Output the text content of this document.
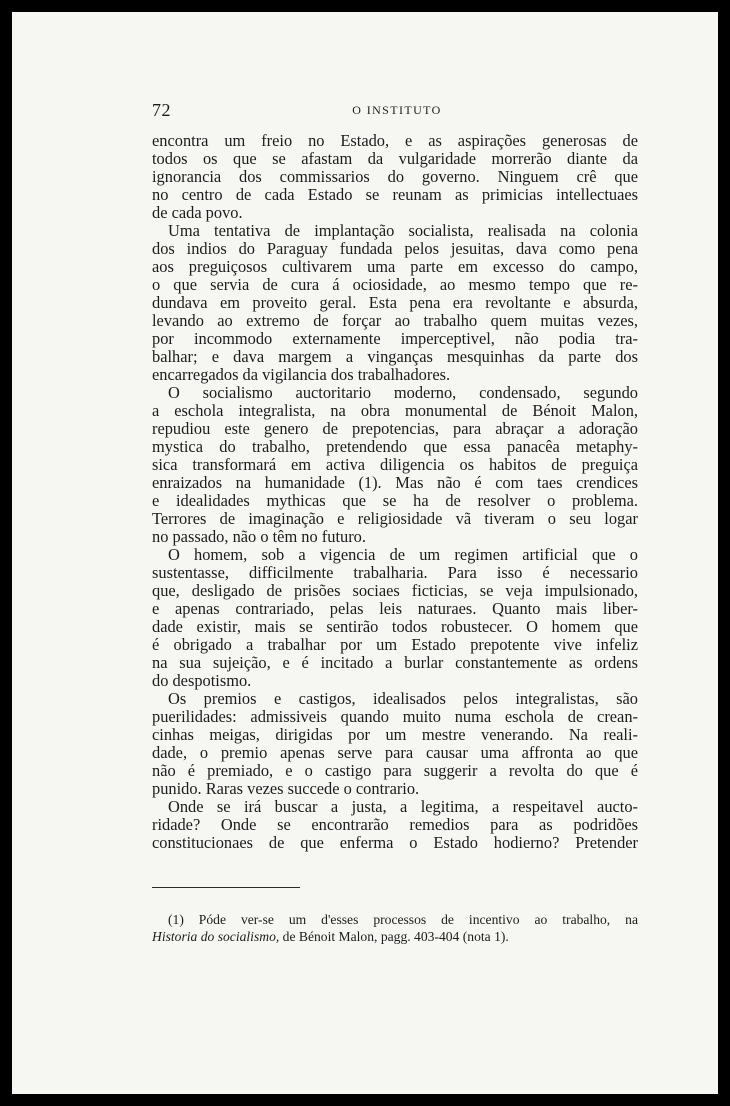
72	O INSTITUTO
encontra um freio no Estado, e as aspirações generosas de
todos os que se afastam da vulgaridade morrerão diante da
ignorancia dos commissarios do governo. Ninguem crê que
no centro de cada Estado se reunam as primicias intellectuaes
de cada povo.
Uma tentativa de implantação socialista, realisada na colonia
dos indios do Paraguay fundada pelos jesuitas, dava como pena
aos preguiçosos cultivarem uma parte em excesso do campo,
o que servia de cura á ociosidade, ao mesmo tempo que re-
dundava em proveito geral. Esta pena era revoltante e absurda,
levando ao extremo de forçar ao trabalho quem muitas vezes,
por incommodo externamente imperceptivel, não podia tra-
balhar; e dava margem a vinganças mesquinhas da parte dos
encarregados da vigilancia dos trabalhadores.
O socialismo auctoritario moderno, condensado, segundo
a eschola integralista, na obra monumental de Bénoit Malon,
repudiou este genero de prepotencias, para abraçar a adoração
mystica do trabalho, pretendendo que essa panacêa metaphy-
sica transformará em activa diligencia os habitos de preguiça
enraizados na humanidade (1). Mas não é com taes crendices
e idealidades mythicas que se ha de resolver o problema.
Terrores de imaginação e religiosidade vã tiveram o seu logar
no passado, não o têm no futuro.
O homem, sob a vigencia de um regimen artificial que o
sustentasse, difficilmente trabalharia. Para isso é necessario
que, desligado de prisões sociaes ficticias, se veja impulsionado,
e apenas contrariado, pelas leis naturaes. Quanto mais liber-
dade existir, mais se sentirão todos robustecer. O homem que
é obrigado a trabalhar por um Estado prepotente vive infeliz
na sua sujeição, e é incitado a burlar constantemente as ordens
do despotismo.
Os premios e castigos, idealisados pelos integralistas, são
puerilidades: admissiveis quando muito numa eschola de crean-
cinhas meigas, dirigidas por um mestre venerando. Na reali-
dade, o premio apenas serve para causar uma affronta ao que
não é premiado, e o castigo para suggerir a revolta do que é
punido. Raras vezes succede o contrario.
Onde se irá buscar a justa, a legitima, a respeitavel aucto-
ridade? Onde se encontrarão remedios para as podridões
constitucionaes de que enferma o Estado hodierno? Pretender
(1) Póde ver-se um d'esses processos de incentivo ao trabalho, na
Historia do socialismo, de Bénoit Malon, pagg. 403-404 (nota 1).
